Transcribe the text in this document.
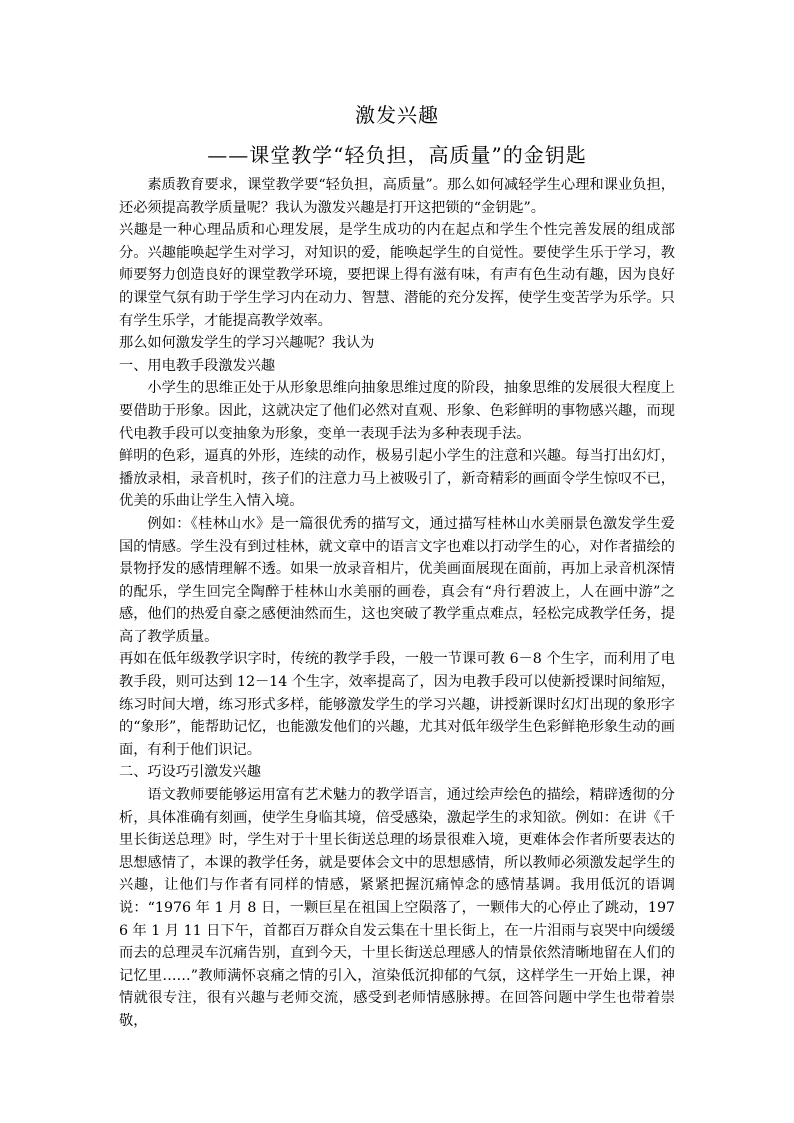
激发兴趣
——课堂教学“轻负担，高质量”的金钥匙

素质教育要求，课堂教学要“轻负担，高质量”。那么如何减轻学生心理和课业负担，还必须提高教学质量呢？我认为激发兴趣是打开这把锁的“金钥匙”。

兴趣是一种心理品质和心理发展，是学生成功的内在起点和学生个性完善发展的组成部分。兴趣能唤起学生对学习，对知识的爱，能唤起学生的自觉性。要使学生乐于学习，教师要努力创造良好的课堂教学环境，要把课上得有滋有味，有声有色生动有趣，因为良好的课堂气氛有助于学生学习内在动力、智慧、潜能的充分发挥，使学生变苦学为乐学。只有学生乐学，才能提高教学效率。

那么如何激发学生的学习兴趣呢？我认为

一、用电教手段激发兴趣

小学生的思维正处于从形象思维向抽象思维过度的阶段，抽象思维的发展很大程度上要借助于形象。因此，这就决定了他们必然对直观、形象、色彩鲜明的事物感兴趣，而现代电教手段可以变抽象为形象，变单一表现手法为多种表现手法。

鲜明的色彩，逼真的外形，连续的动作，极易引起小学生的注意和兴趣。每当打出幻灯，播放录相，录音机时，孩子们的注意力马上被吸引了，新奇精彩的画面令学生惊叹不已，优美的乐曲让学生入情入境。

例如：《桂林山水》是一篇很优秀的描写文，通过描写桂林山水美丽景色激发学生爱国的情感。学生没有到过桂林，就文章中的语言文字也难以打动学生的心，对作者描绘的景物抒发的感情理解不透。如果一放录音相片，优美画面展现在面前，再加上录音机深情的配乐，学生回完全陶醉于桂林山水美丽的画卷，真会有“舟行碧波上，人在画中游”之感，他们的热爱自豪之感便油然而生，这也突破了教学重点难点，轻松完成教学任务，提高了教学质量。

再如在低年级教学识字时，传统的教学手段，一般一节课可教 6－8 个生字，而利用了电教手段，则可达到 12－14 个生字，效率提高了，因为电教手段可以使新授课时间缩短，练习时间大增，练习形式多样，能够激发学生的学习兴趣，讲授新课时幻灯出现的象形字的“象形”，能帮助记忆，也能激发他们的兴趣，尤其对低年级学生色彩鲜艳形象生动的画面，有利于他们识记。

二、巧设巧引激发兴趣

语文教师要能够运用富有艺术魅力的教学语言，通过绘声绘色的描绘，精辟透彻的分析，具体准确有刻画，使学生身临其境，倍受感染，激起学生的求知欲。例如：在讲《千里长街送总理》时，学生对于十里长街送总理的场景很难入境，更难体会作者所要表达的思想感情了，本课的教学任务，就是要体会文中的思想感情，所以教师必须激发起学生的兴趣，让他们与作者有同样的情感，紧紧把握沉痛悼念的感情基调。我用低沉的语调说：“1976 年 1 月 8 日，一颗巨星在祖国上空陨落了，一颗伟大的心停止了跳动，1976 年 1 月 11 日下午，首都百万群众自发云集在十里长街上，在一片泪雨与哀哭中向缓缓而去的总理灵车沉痛告别，直到今天，十里长街送总理感人的情景依然清晰地留在人们的记忆里……”教师满怀哀痛之情的引入，渲染低沉抑郁的气氛，这样学生一开始上课，神情就很专注，很有兴趣与老师交流，感受到老师情感脉搏。在回答问题中学生也带着崇敬，
